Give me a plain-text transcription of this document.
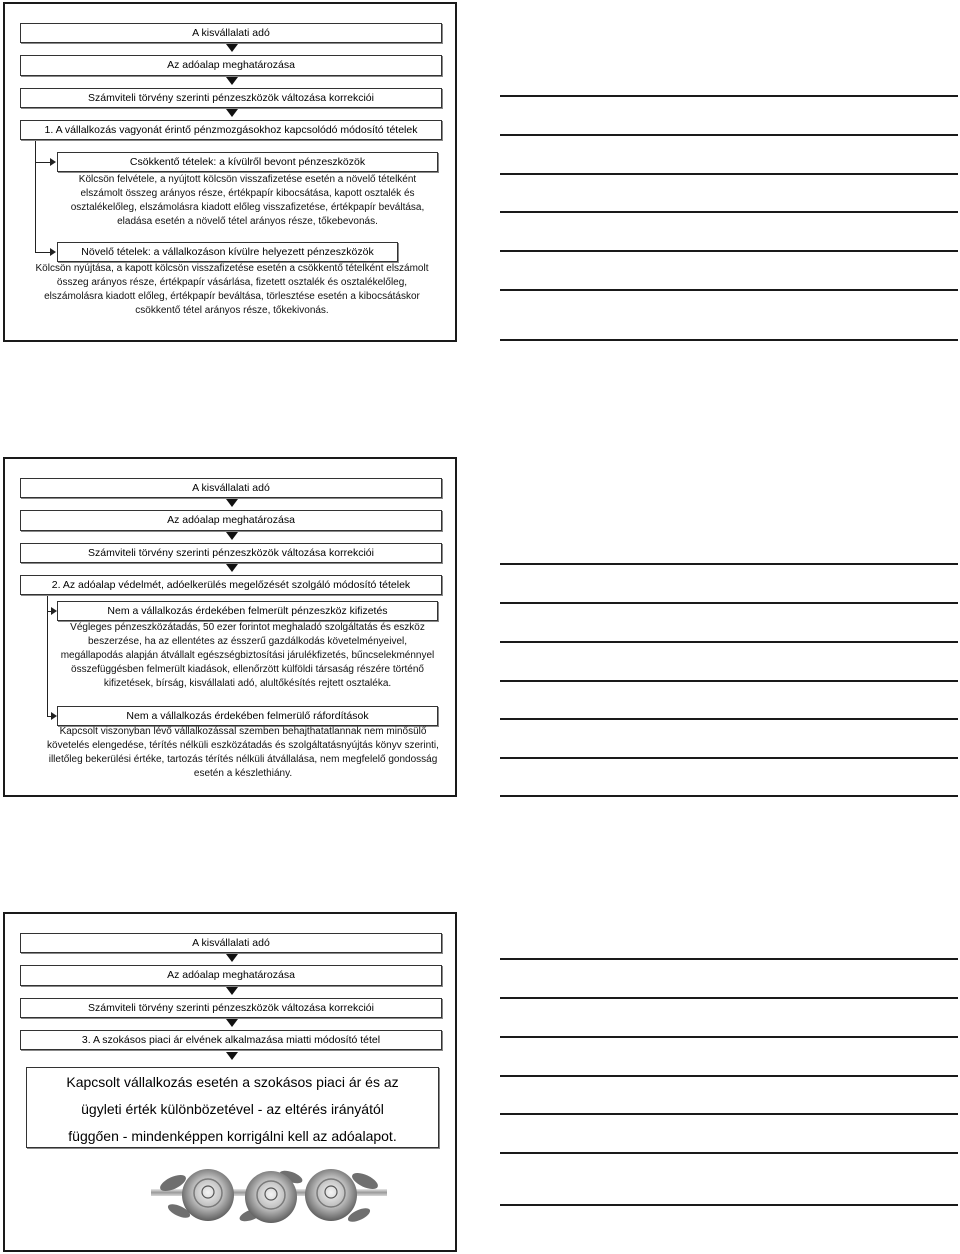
A kisvállalati adó
Az adóalap meghatározása
Számviteli törvény szerinti pénzeszközök változása korrekciói
1. A vállalkozás vagyonát érintő pénzmozgásokhoz kapcsolódó módosító tételek
Csökkentő tételek: a kívülről bevont pénzeszközök
Kölcsön felvétele, a nyújtott kölcsön visszafizetése esetén a növelő tételként elszámolt összeg arányos része, értékpapír kibocsátása, kapott osztalék és osztalékelőleg, elszámolásra kiadott előleg visszafizetése, értékpapír beváltása, eladása esetén a növelő tétel arányos része, tőkebevonás.
Növelő tételek: a vállalkozáson kívülre helyezett pénzeszközök
Kölcsön nyújtása, a kapott kölcsön visszafizetése esetén a csökkentő tételként elszámolt összeg arányos része, értékpapír vásárlása, fizetett osztalék és osztalékelőleg, elszámolásra kiadott előleg, értékpapír beváltása, törlesztése esetén a kibocsátáskor csökkentő tétel arányos része, tőkekivonás.
A kisvállalati adó
Az adóalap meghatározása
Számviteli törvény szerinti pénzeszközök változása korrekciói
2. Az adóalap védelmét, adóelkerülés megelőzését szolgáló módosító tételek
Nem a vállalkozás érdekében felmerült pénzeszköz kifizetés
Végleges pénzeszközátadás, 50 ezer forintot meghaladó szolgáltatás és eszköz beszerzése, ha az ellentétes az ésszerű gazdálkodás követelményeivel, megállapodás alapján átvállalt egészségbiztosítási járulékfizetés, bűncselekménnyel összefüggésben felmerült kiadások, ellenőrzött külföldi társaság részére történő kifizetések, bírság, kisvállalati adó, alultőkésítés rejtett osztaléka.
Nem a vállalkozás érdekében felmerülő ráfordítások
Kapcsolt viszonyban lévő vállalkozással szemben behajthatatlannak nem minősülő követelés elengedése, térítés nélküli eszközátadás és szolgáltatásnyújtás könyv szerinti, illetőleg bekerülési értéke, tartozás térítés nélküli átvállalása, nem megfelelő gondosság esetén a készlethiány.
A kisvállalati adó
Az adóalap meghatározása
Számviteli törvény szerinti pénzeszközök változása korrekciói
3. A szokásos piaci ár elvének alkalmazása miatti módosító tétel
Kapcsolt vállalkozás esetén a szokásos piaci ár és az ügyleti érték különbözetével - az eltérés irányától függően - mindenképpen korrigálni kell az adóalapot.
